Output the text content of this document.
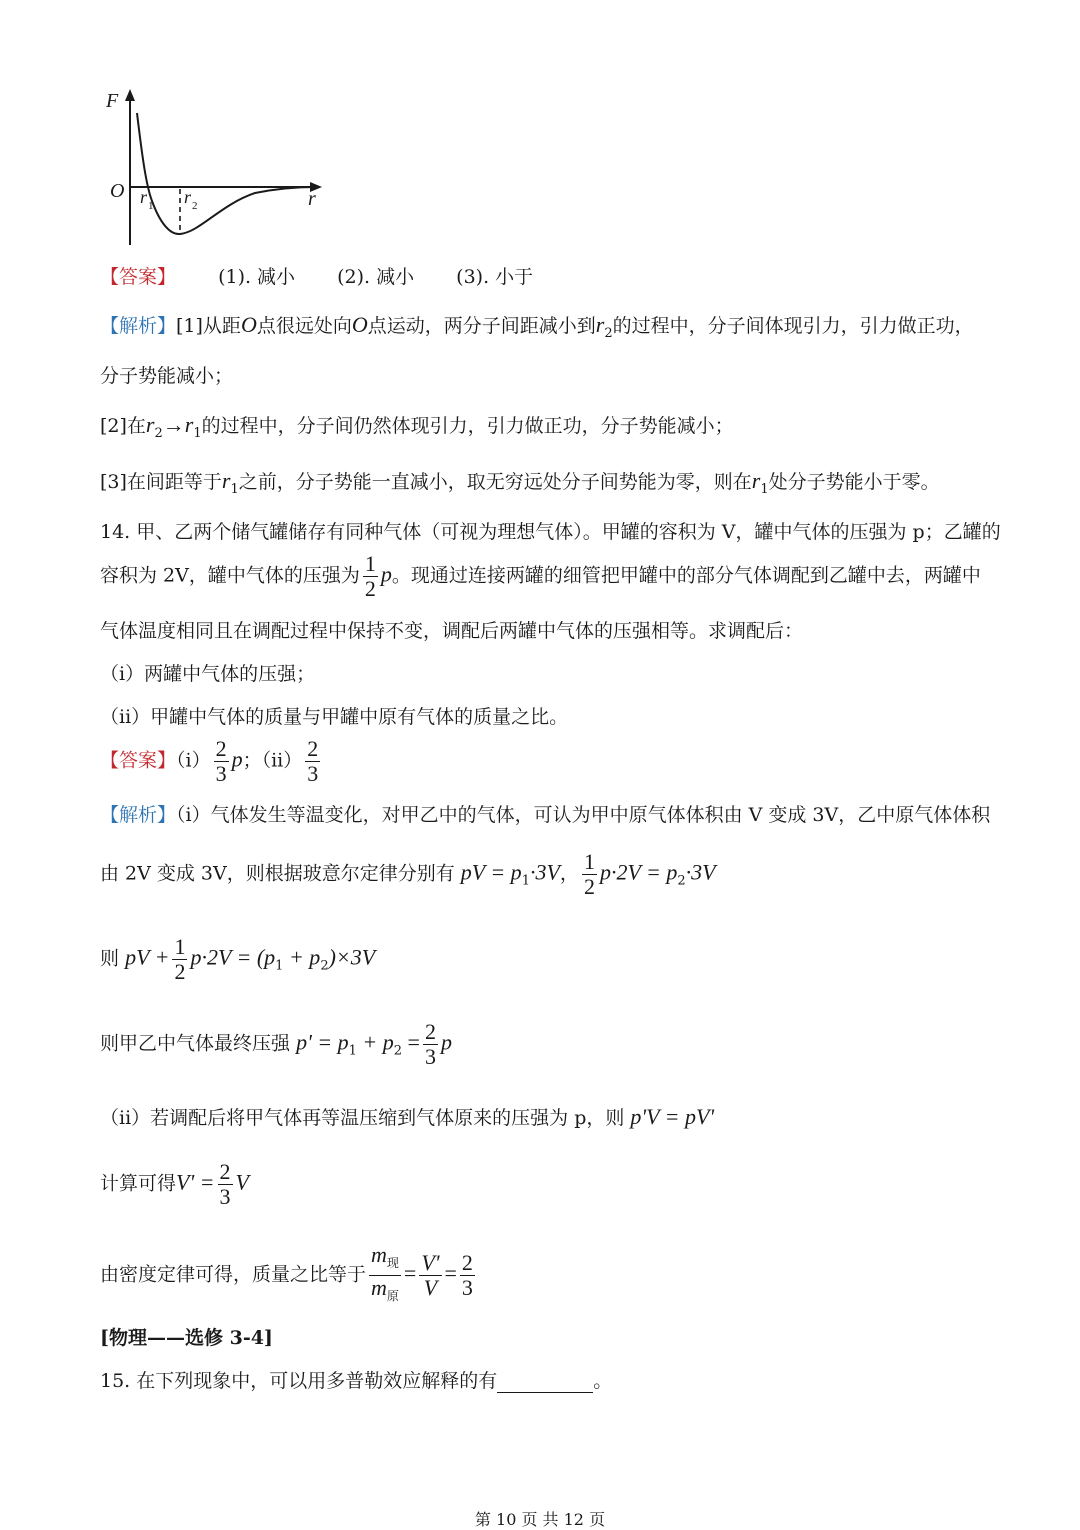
F
O r 1 r 2	r
【答案】 (1). 减小 (2). 减小 (3). 小于
【解析】[1]从距O点很远处向O点运动，两分子间距减小到$r_2$的过程中，分子间体现引力，引力做正功，
分子势能减小；
[2]在$r_2\to r_1$的过程中，分子间仍然体现引力，引力做正功，分子势能减小；
[3]在间距等于$r_1$之前，分子势能一直减小，取无穷远处分子间势能为零，则在$r_1$处分子势能小于零。
14. 甲、乙两个储气罐储存有同种气体（可视为理想气体）。甲罐的容积为 V，罐中气体的压强为 p；乙罐的
容积为 2V，罐中气体的压强为 $\frac{1}{2}$ p。现通过连接两罐的细管把甲罐中的部分气体调配到乙罐中去，两罐中
气体温度相同且在调配过程中保持不变，调配后两罐中气体的压强相等。求调配后：
（i）两罐中气体的压强；
（ii）甲罐中气体的质量与甲罐中原有气体的质量之比。
【答案】$(i) \frac{2}{3}$ p；$(ii) \frac{2}{3}$
【解析】（i）气体发生等温变化，对甲乙中的气体，可认为甲中原气体体积由 V 变成 3V，乙中原气体体积
由 2V 变成 3V，则根据玻意尔定律分别有 pV = $p_1\cdot 3V$， $\frac{1}{2} p\cdot 2V = p_2\cdot 3V$
则 pV + $\frac{1}{2} p\cdot 2V = (p_1 + p_2)\times 3V$
则甲乙中气体最终压强 $p' = p_1 + p_2 = \frac{2}{3}$ p
（ii）若调配后将甲气体再等温压缩到气体原来的压强为 p，则 p'V = pV'
计算可得$V' = \frac{2}{3}$ V
由密度定律可得，质量之比等于 $\frac{m_现}{m_原} = \frac{V'}{V} = \frac{2}{3}$
[物理——选修 3-4]
15. 在下列现象中，可以用多普勒效应解释的有	。
第 10 页 共 12 页
